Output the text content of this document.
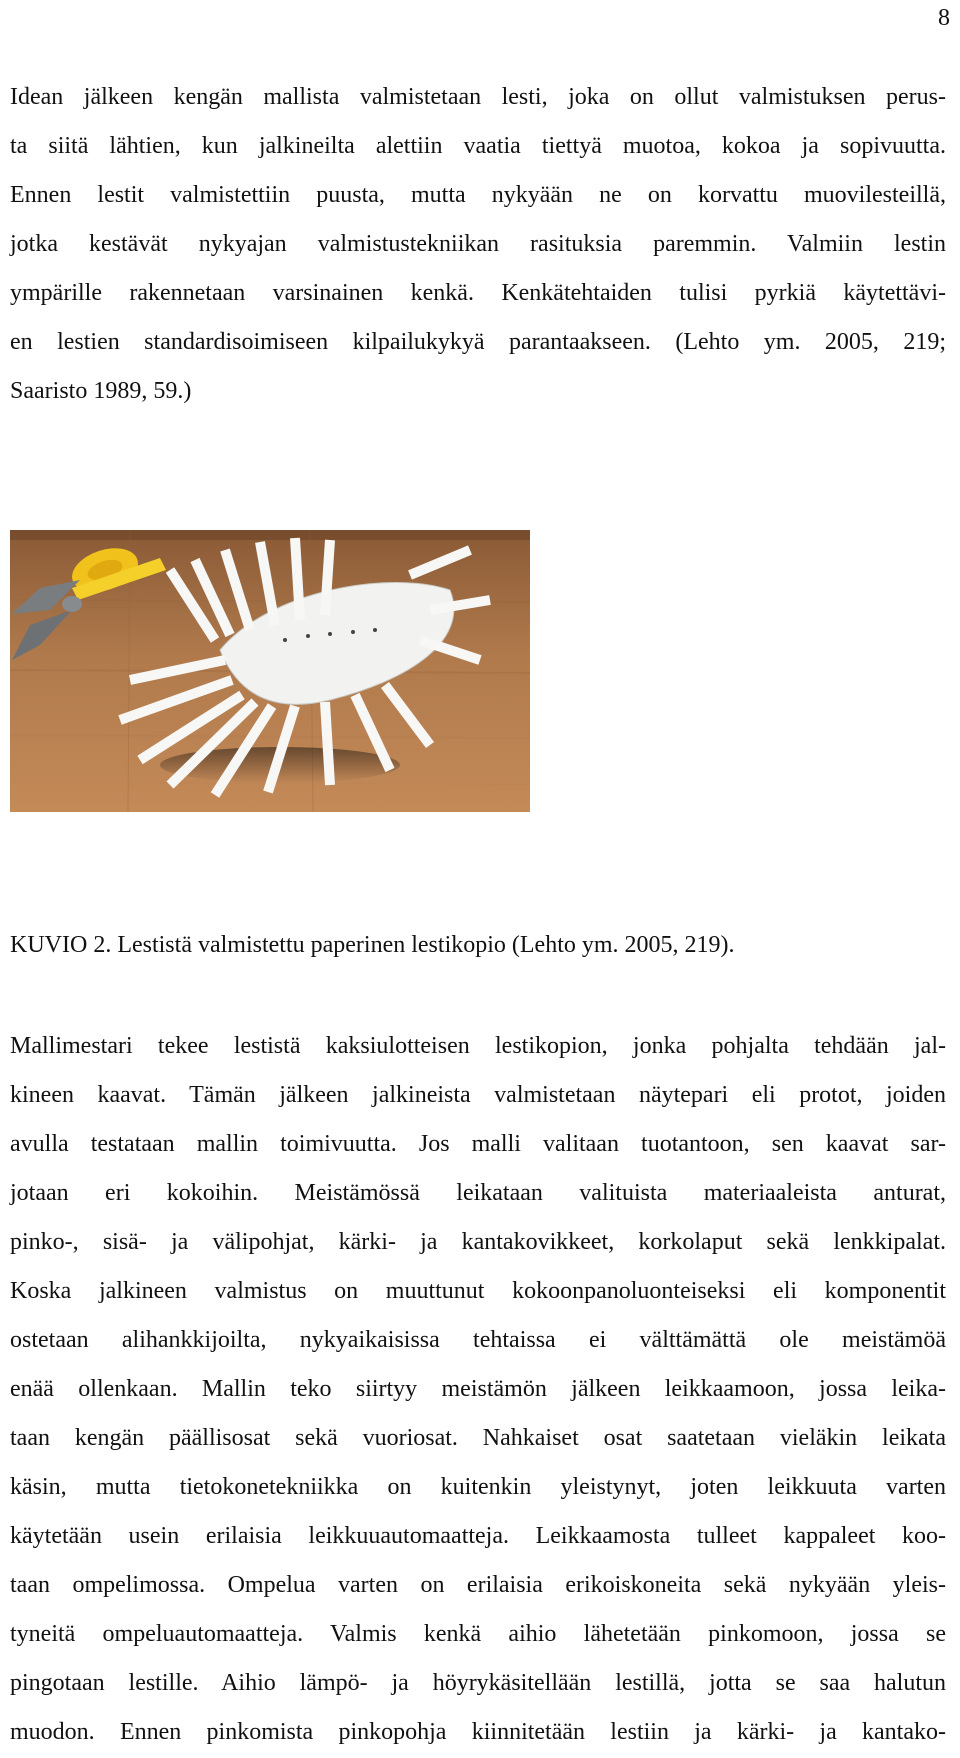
8
Idean jälkeen kengän mallista valmistetaan lesti, joka on ollut valmistuksen perus-
ta siitä lähtien, kun jalkineilta alettiin vaatia tiettyä muotoa, kokoa ja sopivuutta.
Ennen lestit valmistettiin puusta, mutta nykyään ne on korvattu muovilesteillä,
jotka kestävät nykyajan valmistustekniikan rasituksia paremmin. Valmiin lestin
ympärille rakennetaan varsinainen kenkä. Kenkätehtaiden tulisi pyrkiä käytettävi-
en lestien standardisoimiseen kilpailukykyä parantaakseen. (Lehto ym. 2005, 219;
Saaristo 1989, 59.)
KUVIO 2. Lestistä valmistettu paperinen lestikopio (Lehto ym. 2005, 219).
Mallimestari tekee lestistä kaksiulotteisen lestikopion, jonka pohjalta tehdään jal-
kineen kaavat. Tämän jälkeen jalkineista valmistetaan näytepari eli protot, joiden
avulla testataan mallin toimivuutta. Jos malli valitaan tuotantoon, sen kaavat sar-
jotaan eri kokoihin. Meistämössä leikataan valituista materiaaleista anturat,
pinko-, sisä- ja välipohjat, kärki- ja kantakovikkeet, korkolaput sekä lenkkipalat.
Koska jalkineen valmistus on muuttunut kokoonpanoluonteiseksi eli komponentit
ostetaan alihankkijoilta, nykyaikaisissa tehtaissa ei välttämättä ole meistämöä
enää ollenkaan. Mallin teko siirtyy meistämön jälkeen leikkaamoon, jossa leika-
taan kengän päällisosat sekä vuoriosat. Nahkaiset osat saatetaan vieläkin leikata
käsin, mutta tietokonetekniikka on kuitenkin yleistynyt, joten leikkuuta varten
käytetään usein erilaisia leikkuuautomaatteja. Leikkaamosta tulleet kappaleet koo-
taan ompelimossa. Ompelua varten on erilaisia erikoiskoneita sekä nykyään yleis-
tyneitä ompeluautomaatteja. Valmis kenkä aihio lähetetään pinkomoon, jossa se
pingotaan lestille. Aihio lämpö- ja höyrykäsitellään lestillä, jotta se saa halutun
muodon. Ennen pinkomista pinkopohja kiinnitetään lestiin ja kärki- ja kantako-
